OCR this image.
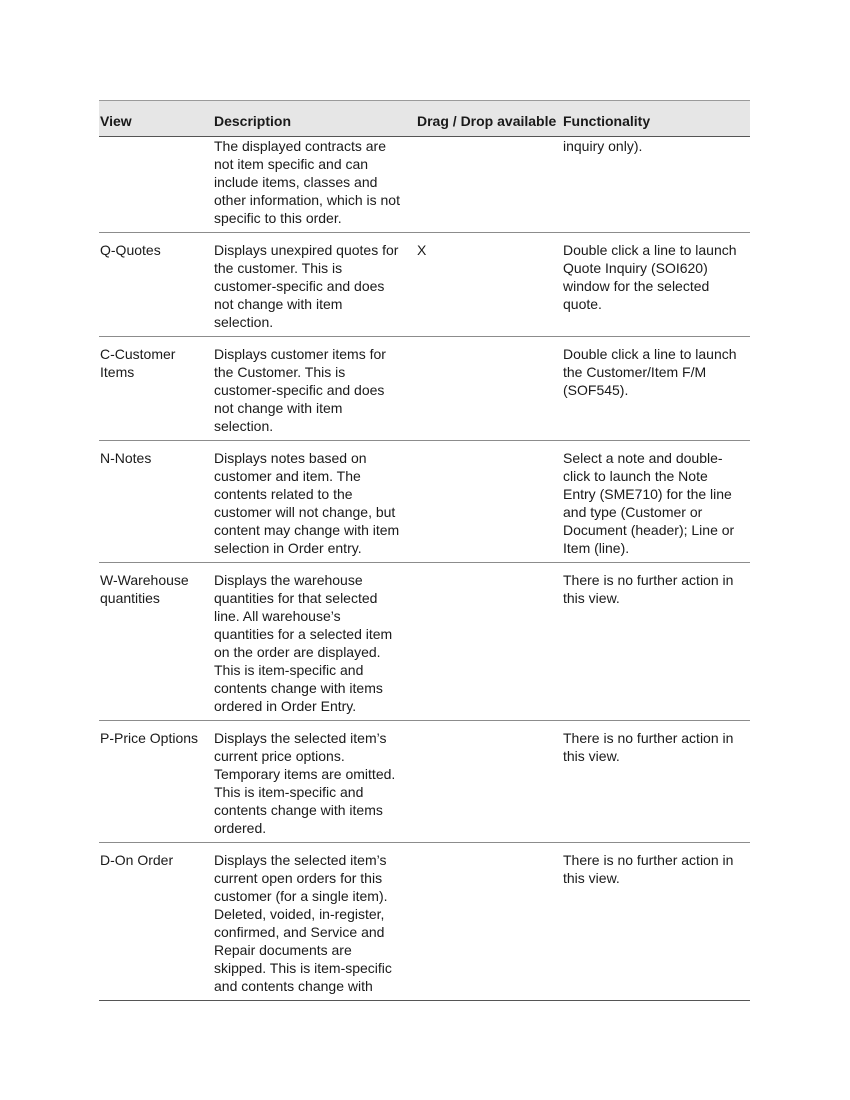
View	Description	Drag / Drop available	Functionality
	The displayed contracts are not item specific and can include items, classes and other information, which is not specific to this order.		inquiry only).
Q-Quotes	Displays unexpired quotes for the customer. This is customer-specific and does not change with item selection.	X	Double click a line to launch Quote Inquiry (SOI620) window for the selected quote.
C-Customer Items	Displays customer items for the Customer. This is customer-specific and does not change with item selection.		Double click a line to launch the Customer/Item F/M (SOF545).
N-Notes	Displays notes based on customer and item. The contents related to the customer will not change, but content may change with item selection in Order entry.		Select a note and double-click to launch the Note Entry (SME710) for the line and type (Customer or Document (header); Line or Item (line).
W-Warehouse quantities	Displays the warehouse quantities for that selected line. All warehouse’s quantities for a selected item on the order are displayed. This is item-specific and contents change with items ordered in Order Entry.		There is no further action in this view.
P-Price Options	Displays the selected item’s current price options. Temporary items are omitted. This is item-specific and contents change with items ordered.		There is no further action in this view.
D-On Order	Displays the selected item’s current open orders for this customer (for a single item). Deleted, voided, in-register, confirmed, and Service and Repair documents are skipped. This is item-specific and contents change with		There is no further action in this view.
